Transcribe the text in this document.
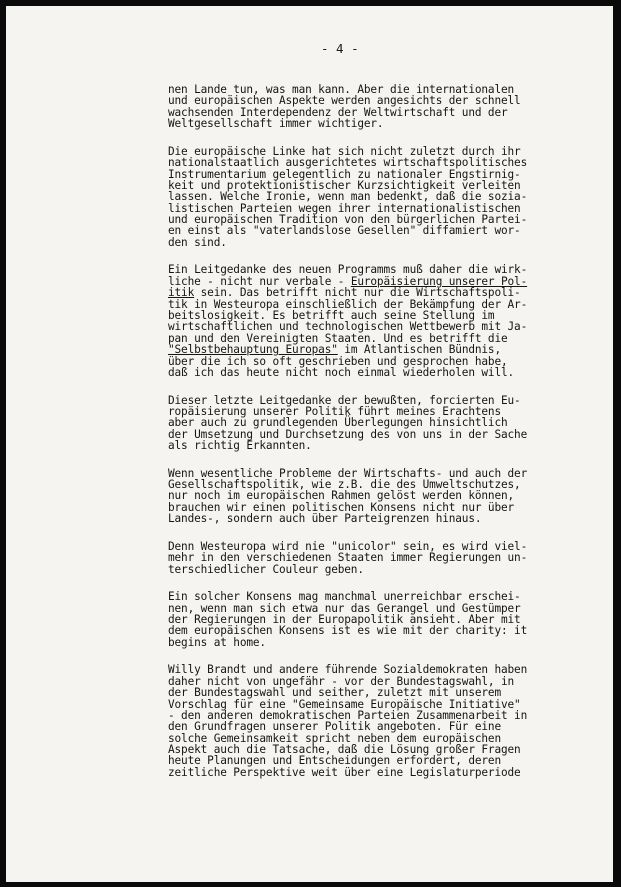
- 4 -
nen Lande tun, was man kann. Aber die internationalen
und europäischen Aspekte werden angesichts der schnell
wachsenden Interdependenz der Weltwirtschaft und der
Weltgesellschaft immer wichtiger.
Die europäische Linke hat sich nicht zuletzt durch ihr
nationalstaatlich ausgerichtetes wirtschaftspolitisches
Instrumentarium gelegentlich zu nationaler Engstirnig-
keit und protektionistischer Kurzsichtigkeit verleiten
lassen. Welche Ironie, wenn man bedenkt, daß die soziа-
listischen Parteien wegen ihrer internationalistischen
und europäischen Tradition von den bürgerlichen Partei-
en einst als "vaterlandslose Gesellen" diffamiert wor-
den sind.
Ein Leitgedanke des neuen Programms muß daher die wirk-
liche - nicht nur verbale - Europäisierung unserer Pol-
itik sein. Das betrifft nicht nur die Wirtschaftspoli-
tik in Westeuropa einschließlich der Bekämpfung der Ar-
beitslosigkeit. Es betrifft auch seine Stellung im
wirtschaftlichen und technologischen Wettbewerb mit Ja-
pan und den Vereinigten Staaten. Und es betrifft die
"Selbstbehauptung Europas" im Atlantischen Bündnis,
über die ich so oft geschrieben und gesprochen habe,
daß ich das heute nicht noch einmal wiederholen will.
Dieser letzte Leitgedanke der bewußten, forcierten Eu-
ropäisierung unserer Politik führt meines Erachtens
aber auch zu grundlegenden Überlegungen hinsichtlich
der Umsetzung und Durchsetzung des von uns in der Sache
als richtig Erkannten.
Wenn wesentliche Probleme der Wirtschafts- und auch der
Gesellschaftspolitik, wie z.B. die des Umweltschutzes,
nur noch im europäischen Rahmen gelöst werden können,
brauchen wir einen politischen Konsens nicht nur über
Landes-, sondern auch über Parteigrenzen hinaus.
Denn Westeuropa wird nie "unicolor" sein, es wird viel-
mehr in den verschiedenen Staaten immer Regierungen un-
terschiedlicher Couleur geben.
Ein solcher Konsens mag manchmal unerreichbar erschei-
nen, wenn man sich etwa nur das Gerangel und Gestümper
der Regierungen in der Europapolitik ansieht. Aber mit
dem europäischen Konsens ist es wie mit der charity: it
begins at home.
Willy Brandt und andere führende Sozialdemokraten haben
daher nicht von ungefähr - vor der Bundestagswahl, in
der Bundestagswahl und seither, zuletzt mit unserem
Vorschlag für eine "Gemeinsame Europäische Initiative"
- den anderen demokratischen Parteien Zusammenarbeit in
den Grundfragen unserer Politik angeboten. Für eine
solche Gemeinsamkeit spricht neben dem europäischen
Aspekt auch die Tatsache, daß die Lösung großer Fragen
heute Planungen und Entscheidungen erfordert, deren
zeitliche Perspektive weit über eine Legislaturperiode
